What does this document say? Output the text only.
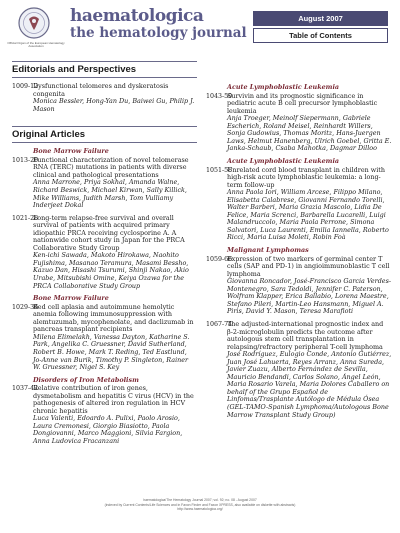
Official Organ of the European Hematology Association
haematologica
the hematology journal
August 2007
Table of Contents
Editorials and Perspectives
1009-12
Dysfunctional telomeres and dyskeratosis congenita
Monica Bessler, Hong-Yan Du, Baiwei Gu, Philip J. Mason
Original Articles
Bone Marrow Failure
1013-20
Functional characterization of novel telomerase RNA (TERC) mutations in patients with diverse clinical and pathological presentations
Anna Marrone, Priya Sokhal, Amanda Walne, Richard Beswick, Michael Kirwan, Sally Killick, Mike Williams, Judith Marsh, Tom Vulliamy Inderjeet Dokal
1021-28
Long-term relapse-free survival and overall survival of patients with acquired primary idiopathic PRCA receiving cyclosporine A. A nationwide cohort study in Japan for the PRCA Collaborative Study Group
Ken-ichi Sawada, Makoto Hirokawa, Naohito Fujishima, Masanao Teramura, Masami Bessho, Kazuo Dan, Hisashi Tsurumi, Shinji Nakao, Akio Urabe, Mitsubishi Omine, Keiya Ozawa for the PRCA Collaborative Study Group
Bone Marrow Failure
1029-36
Red cell aplasia and autoimmune hemolytic anemia following immunosuppression with alemtuzumab, mycophenolate, and daclizumab in pancreas transplant recipients
Milena Elimelakh, Vanessa Dayton, Katharine S. Park, Angelika C. Gruessner, David Sutherland, Robert B. Howe, Mark T. Reding, Ted Eastlund, Jo-Anne van Burik, Timothy P. Singleton, Rainer W. Gruessner, Nigel S. Key
Disorders of Iron Metabolism
1037-42
Relative contribution of iron genes, dysmetabolism and hepatitis C virus (HCV) in the pathogenesis of altered iron regulation in HCV chronic hepatitis
Luca Valenti, Edoardo A. Pulixi, Paolo Arosio, Laura Cremonesi, Giorgio Biasiotto, Paola Dongiovanni, Marco Maggioni, Silvia Fargion, Anna Ludovica Fracanzani
Acute Lymphoblastic Leukemia
1043-50
Survivin and its prognostic significance in pediatric acute B cell precursor lymphoblastic leukemia
Anja Troeger, Meinolf Siepermann, Gabriele Escherich, Roland Meisel, Reinhardt Willers, Sonja Gudowius, Thomas Moritz, Hans-Juergen Laws, Helmut Hanenberg, Ulrich Goebel, Gritta E. Janka-Schaub, Csaba Mahotka, Dagmar Dilloo
Acute Lymphoblastic Leukemia
1051-58
Unrelated cord blood transplant in children with high-risk acute lymphoblastic leukemia: a long-term follow-up
Anna Paola Iori, William Arcese, Filippo Milano, Elisabetta Calabrese, Giovanni Fernando Torelli, Walter Barberi, Maria Grazia Mascolo, Lidia De Felice, Maria Screnci, Barbarella Lucarelli, Luigi Malandruccolo, Maria Paola Perrone, Simona Salvatori, Luca Laurenti, Emilia Iannella, Roberto Ricci, Maria Luisa Moleti, Robin Foà
Malignant Lymphomas
1059-66
Expression of two markers of germinal center T cells (SAP and PD-1) in angioimmunoblastic T cell lymphoma
Giovanna Roncador, José-Francisco Garcia Verdes-Montenegro, Sara Tedoldi, Jennifer C. Paterson, Wolfram Klapper, Erica Ballabio, Lorena Maestre, Stefano Pileri, Martin-Leo Hansmann, Miguel A. Piris, David Y. Mason, Teresa Marafioti
1067-74
The adjusted-international prognostic index and β-2-microglobulin predicts the outcome after autologous stem cell transplantation in relapsing/refractory peripheral T-cell lymphoma
José Rodríguez, Eulogio Conde, Antonio Gutiérrez, Juan José Lahuerta, Reyes Arranz, Anna Sureda, Javier Zuazu, Alberto Fernández de Sevilla, Mauricio Bendandi, Carlos Solano, Ángel León, Maria Rosario Varela, Maria Dolores Caballero on behalf of the Grupo Español de Linfomas/Trasplante Autólogo de Médula Ósea (GEL-TAMO-Spanish Lymphoma/Autologous Bone Marrow Transplant Study Group)
haematologica/The Hematology Journal 2007; vol. 92; no. 08 - August 2007
(indexed by Current Contents/Life Sciences and in Faxon Finder and Faxon XPRESS, also available on diskette with abstracts)
http://www.haematologica.org/
